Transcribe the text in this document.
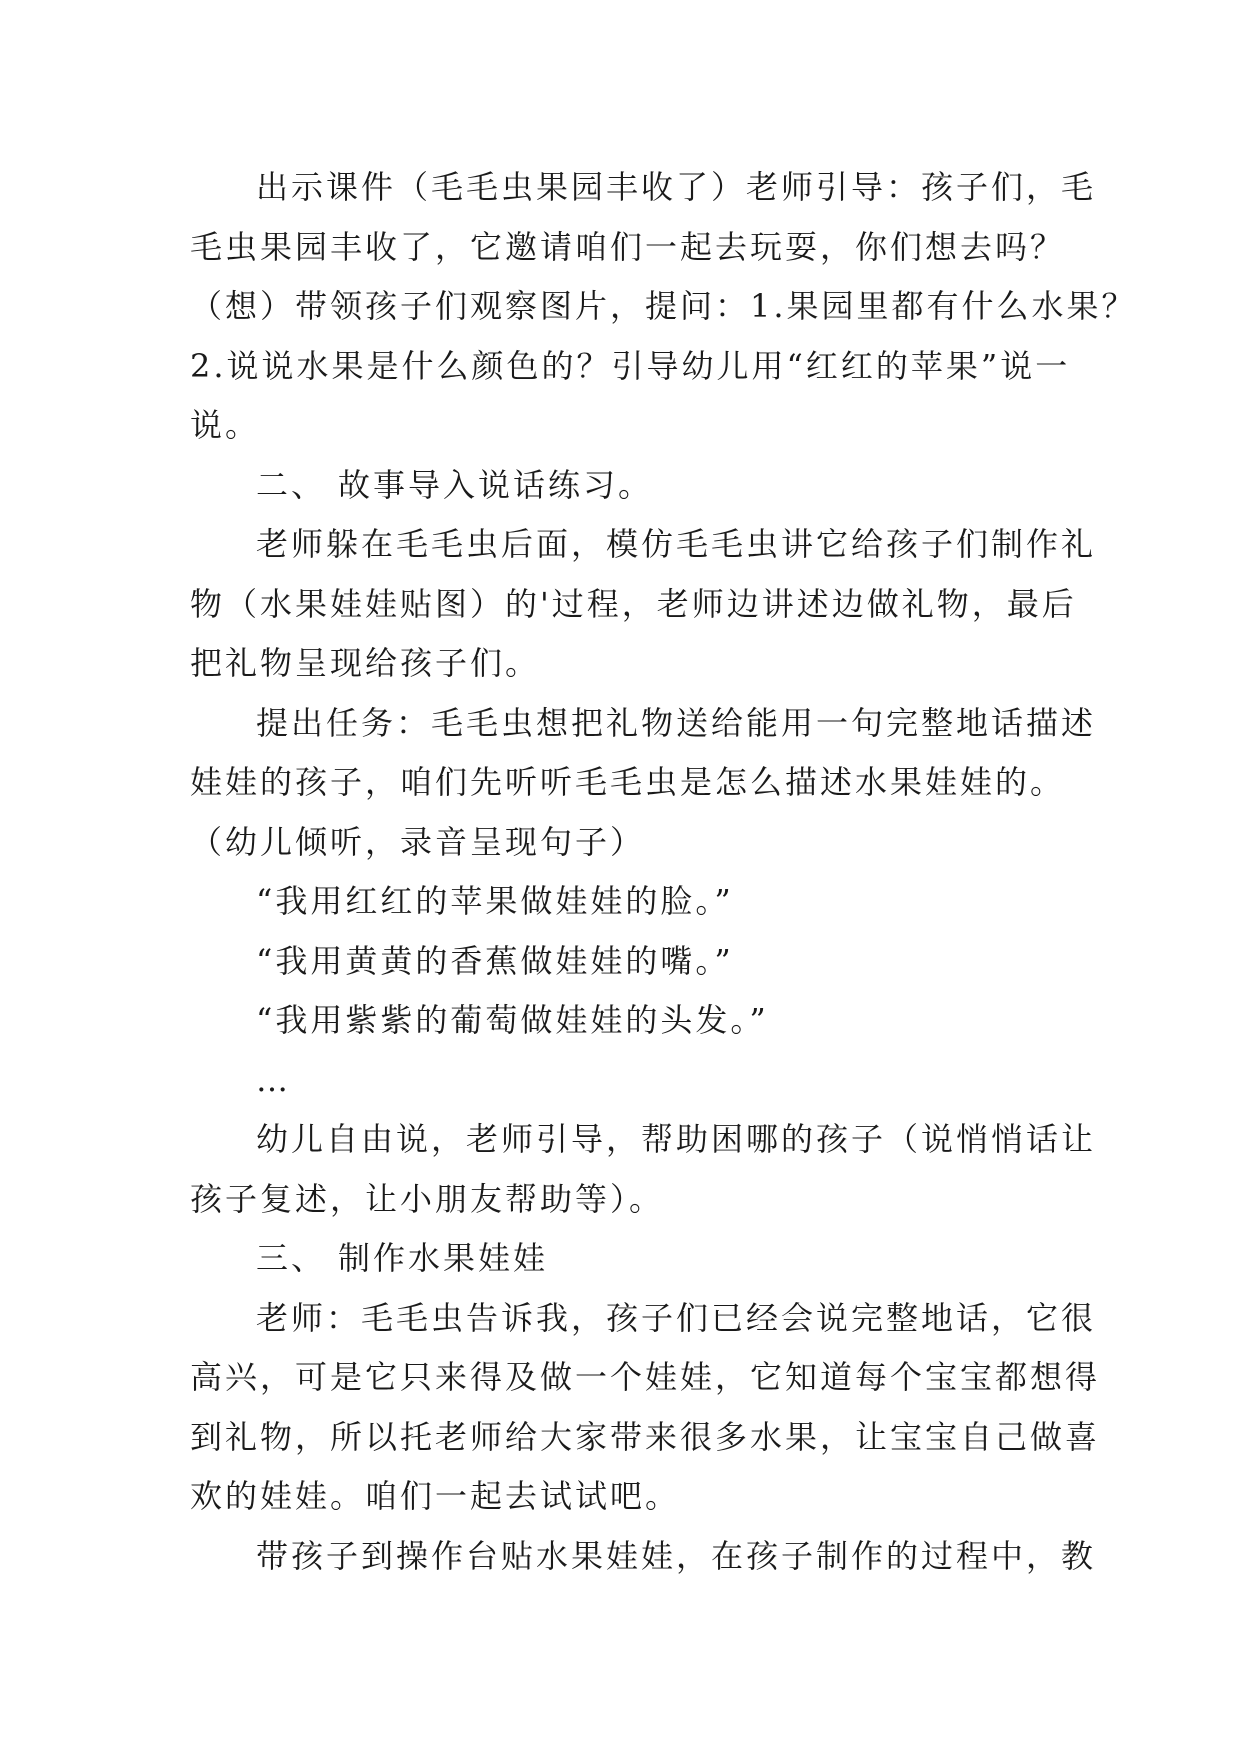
出示课件（毛毛虫果园丰收了）老师引导：孩子们，毛
毛虫果园丰收了，它邀请咱们一起去玩耍，你们想去吗？
（想）带领孩子们观察图片，提问：1.果园里都有什么水果？
2.说说水果是什么颜色的？引导幼儿用“红红的苹果”说一
说。
二、 故事导入说话练习。
老师躲在毛毛虫后面，模仿毛毛虫讲它给孩子们制作礼
物（水果娃娃贴图）的'过程，老师边讲述边做礼物，最后
把礼物呈现给孩子们。
提出任务：毛毛虫想把礼物送给能用一句完整地话描述
娃娃的孩子，咱们先听听毛毛虫是怎么描述水果娃娃的。
（幼儿倾听，录音呈现句子）
“我用红红的苹果做娃娃的脸。”
“我用黄黄的香蕉做娃娃的嘴。”
“我用紫紫的葡萄做娃娃的头发。”
…
幼儿自由说，老师引导，帮助困哪的孩子（说悄悄话让
孩子复述，让小朋友帮助等）。
三、 制作水果娃娃
老师：毛毛虫告诉我，孩子们已经会说完整地话，它很
高兴，可是它只来得及做一个娃娃，它知道每个宝宝都想得
到礼物，所以托老师给大家带来很多水果，让宝宝自己做喜
欢的娃娃。咱们一起去试试吧。
带孩子到操作台贴水果娃娃，在孩子制作的过程中，教
